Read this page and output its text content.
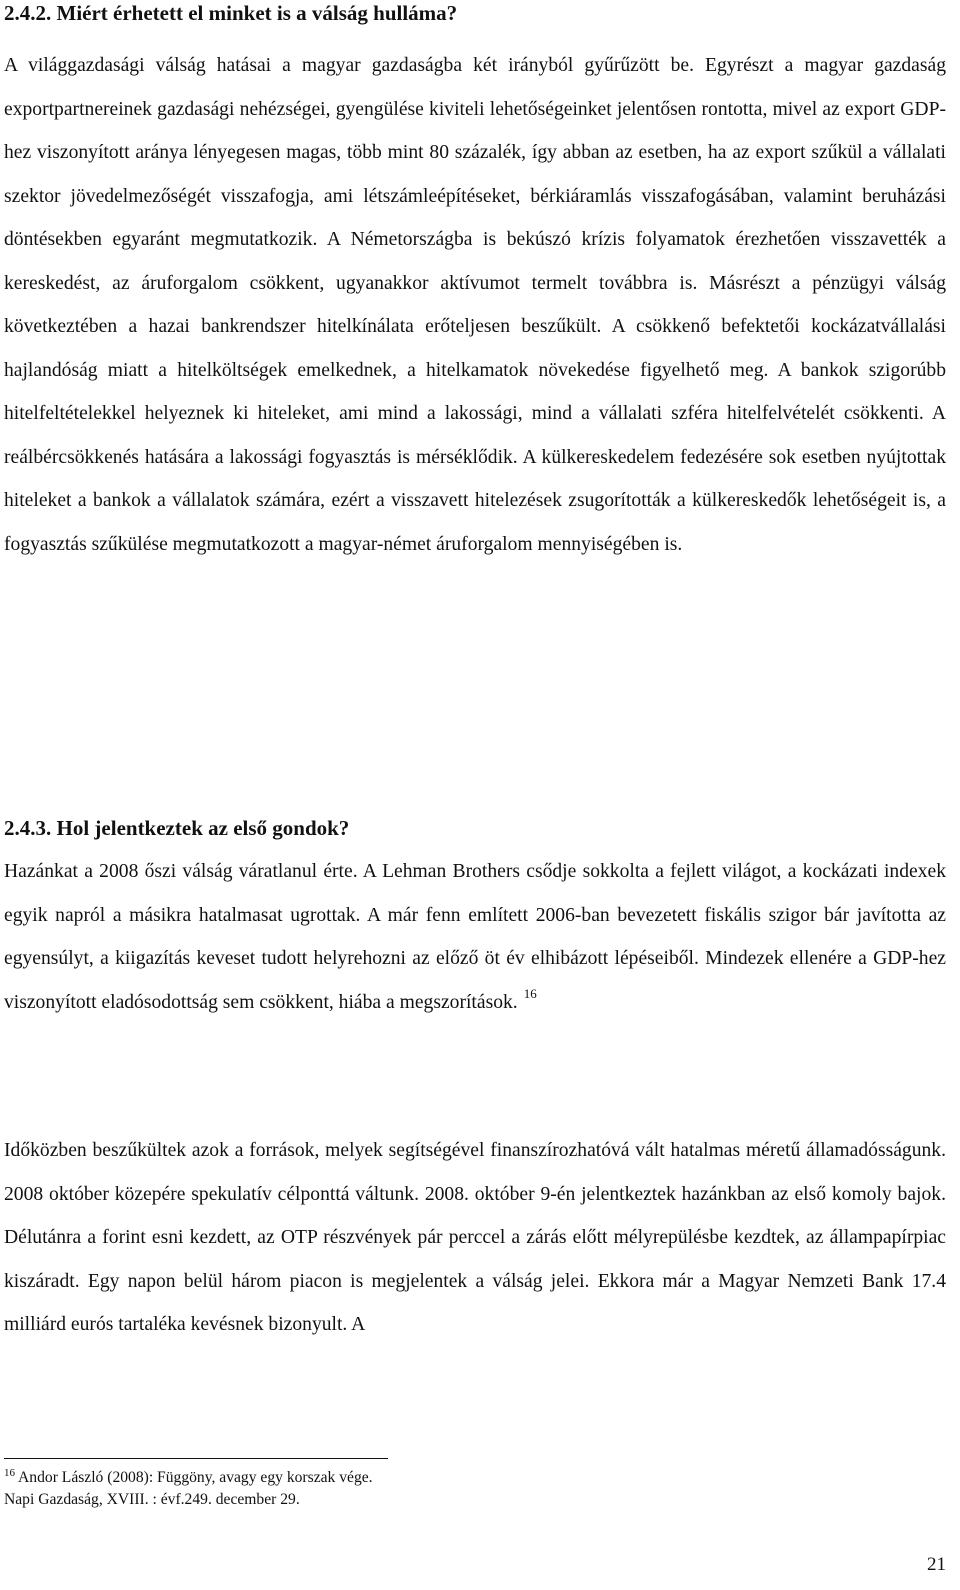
2.4.2. Miért érhetett el minket is a válság hulláma?

A világgazdasági válság hatásai a magyar gazdaságba két irányból gyűrűzött be. Egyrészt a magyar gazdaság exportpartnereinek gazdasági nehézségei, gyengülése kiviteli lehetőségeinket jelentősen rontotta, mivel az export GDP-hez viszonyított aránya lényegesen magas, több mint 80 százalék, így abban az esetben, ha az export szűkül a vállalati szektor jövedelmezőségét visszafogja, ami létszámleépítéseket, bérkiáramlás visszafogásában, valamint beruházási döntésekben egyaránt megmutatkozik. A Németországba is bekúszó krízis folyamatok érezhetően visszavették a kereskedést, az áruforgalom csökkent, ugyanakkor aktívumot termelt továbbra is. Másrészt a pénzügyi válság következtében a hazai bankrendszer hitelkínálata erőteljesen beszűkült. A csökkenő befektetői kockázatvállalási hajlandóság miatt a hitelköltségek emelkednek, a hitelkamatok növekedése figyelhető meg. A bankok szigorúbb hitelfeltételekkel helyeznek ki hiteleket, ami mind a lakossági, mind a vállalati szféra hitelfelvételét csökkenti. A reálbércsökkenés hatására a lakossági fogyasztás is mérséklődik. A külkereskedelem fedezésére sok esetben nyújtottak hiteleket a bankok a vállalatok számára, ezért a visszavett hitelezések zsugorították a külkereskedők lehetőségeit is, a fogyasztás szűkülése megmutatkozott a magyar-német áruforgalom mennyiségében is.

2.4.3. Hol jelentkeztek az első gondok?

Hazánkat a 2008 őszi válság váratlanul érte. A Lehman Brothers csődje sokkolta a fejlett világot, a kockázati indexek egyik napról a másikra hatalmasat ugrottak. A már fenn említett 2006-ban bevezetett fiskális szigor bár javította az egyensúlyt, a kiigazítás keveset tudott helyrehozni az előző öt év elhibázott lépéseiből. Mindezek ellenére a GDP-hez viszonyított eladósodottság sem csökkent, hiába a megszorítások. $^{16}$

Időközben beszűkültek azok a források, melyek segítségével finanszírozhatóvá vált hatalmas méretű államadósságunk. 2008 október közepére spekulatív célponttá váltunk. 2008. október 9-én jelentkeztek hazánkban az első komoly bajok. Délutánra a forint esni kezdett, az OTP részvények pár perccel a zárás előtt mélyrepülésbe kezdtek, az állampapírpiac kiszáradt. Egy napon belül három piacon is megjelentek a válság jelei. Ekkora már a Magyar Nemzeti Bank 17.4 milliárd eurós tartaléka kevésnek bizonyult. A

$^{16}$ Andor László (2008): Függöny, avagy egy korszak vége.
Napi Gazdaság, XVIII. : évf.249. december 29.
21
